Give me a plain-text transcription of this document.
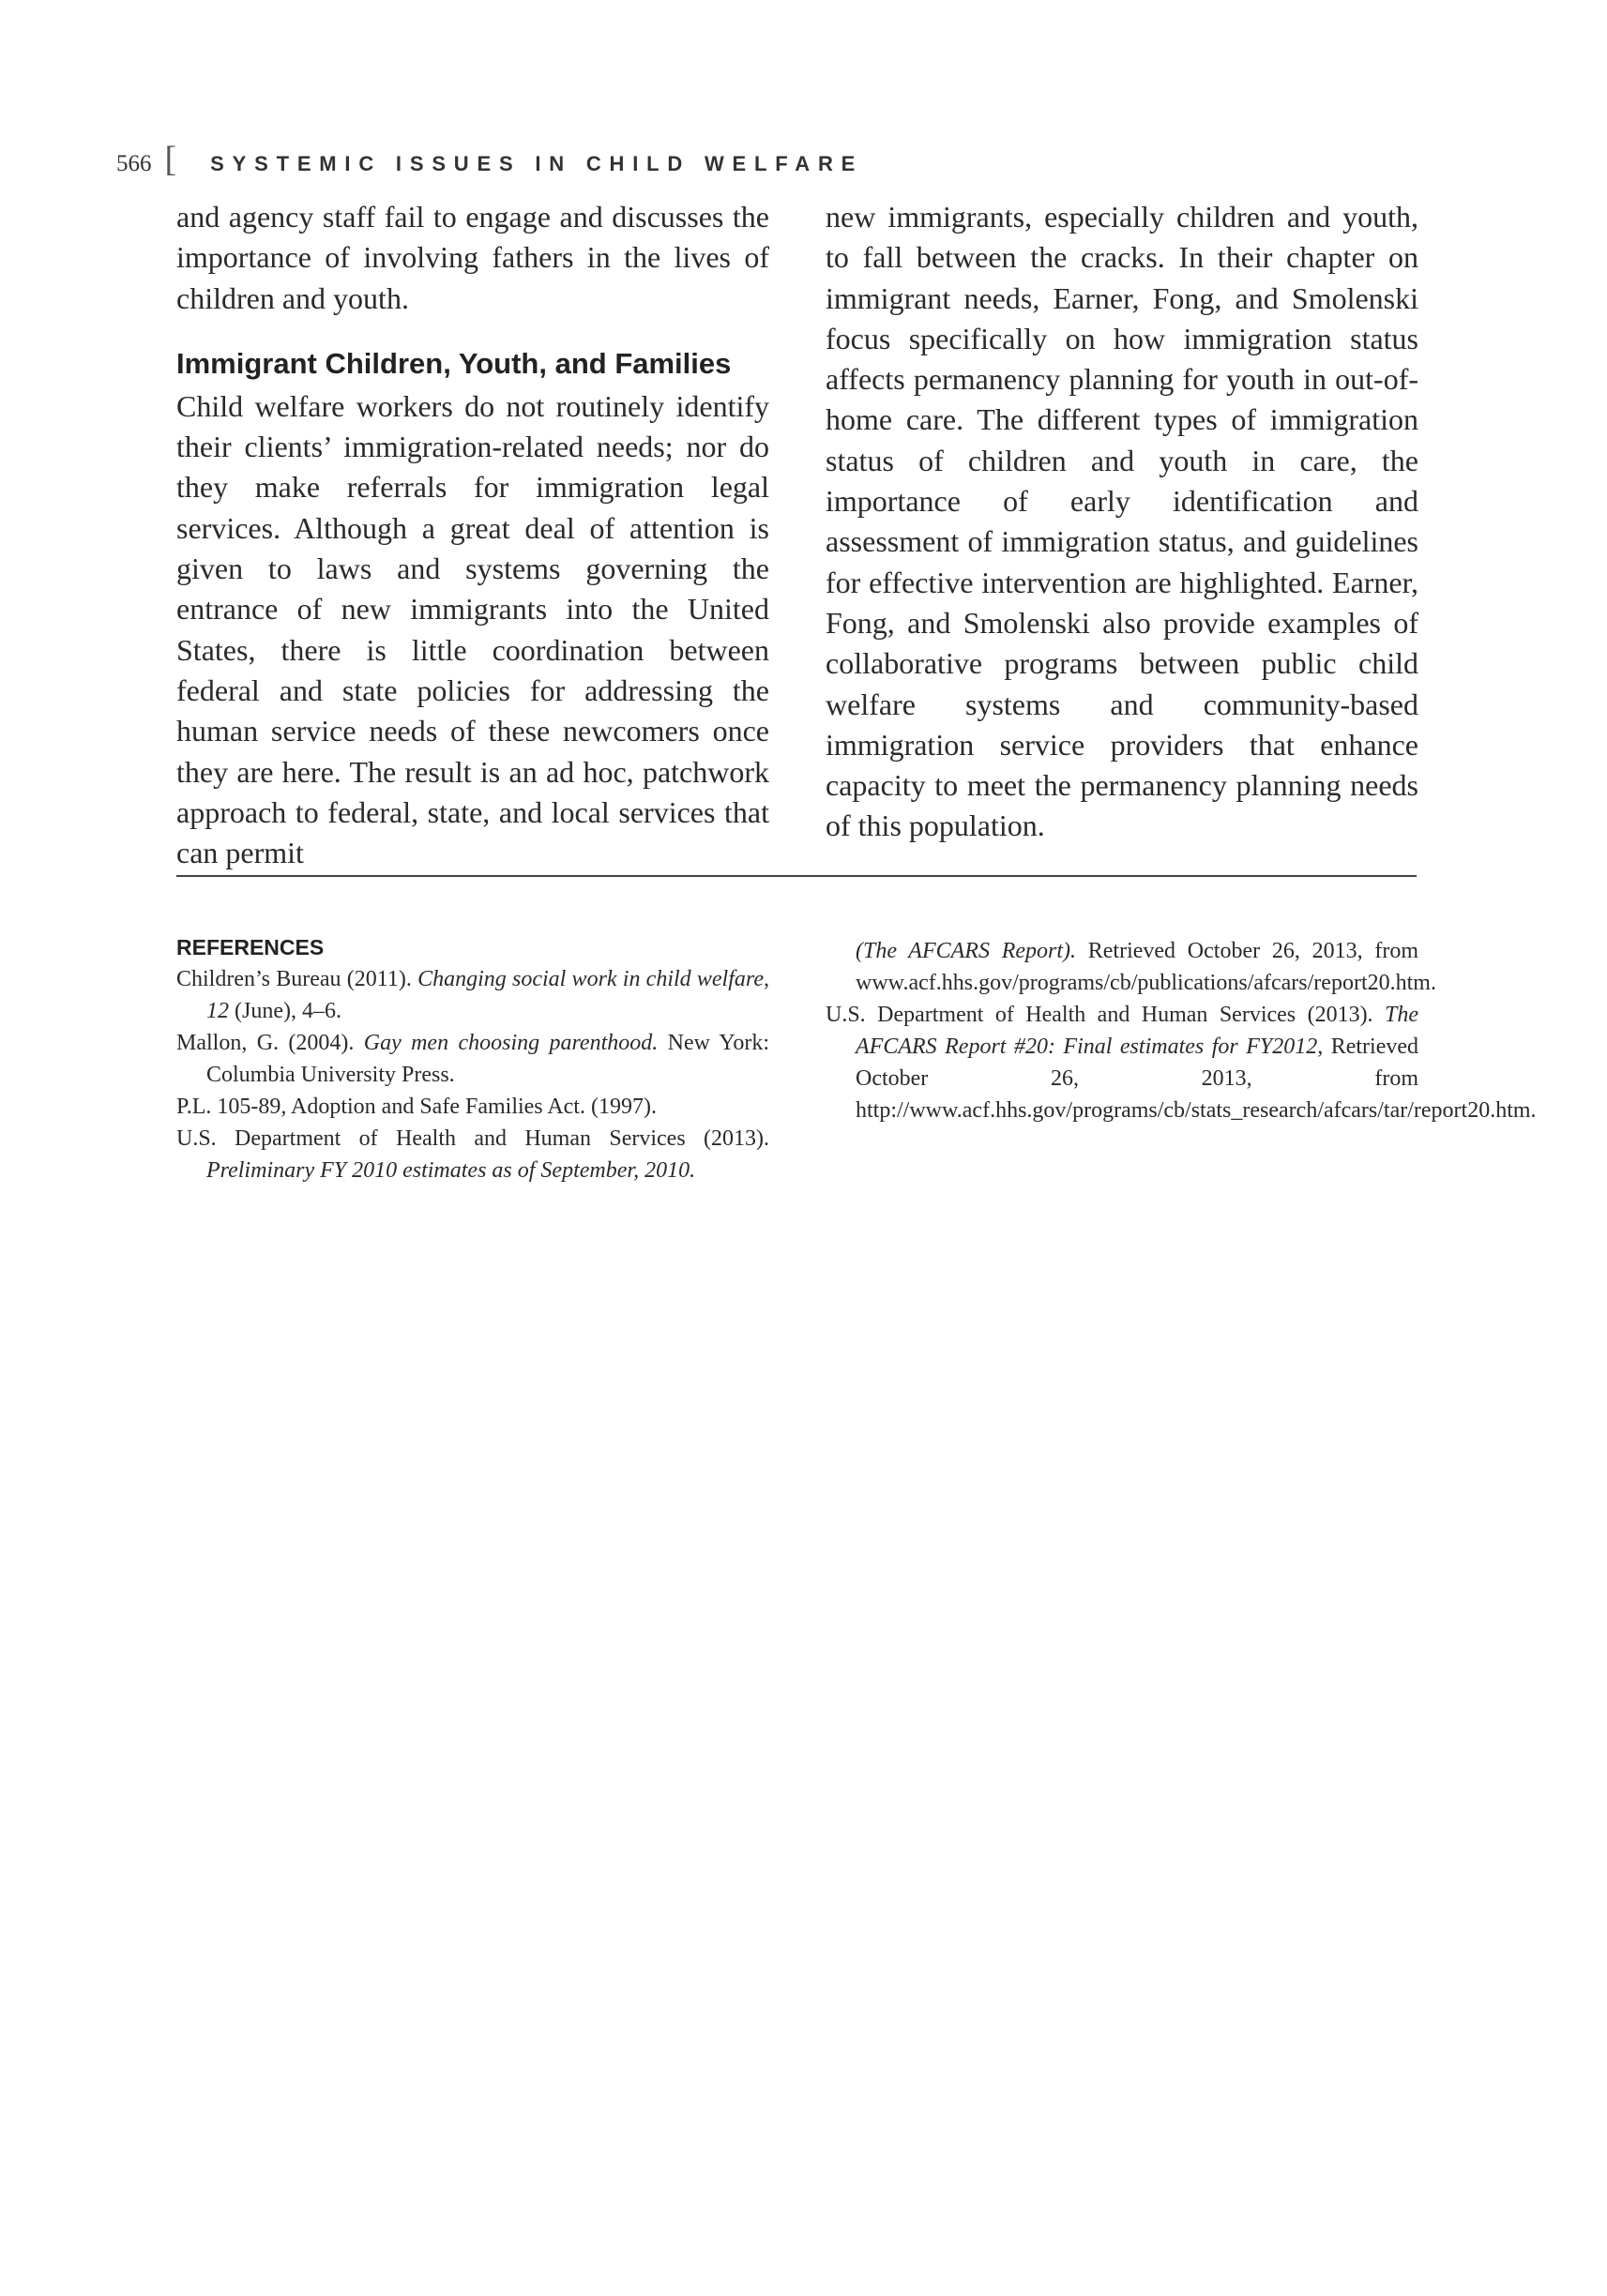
566 [ SYSTEMIC ISSUES IN CHILD WELFARE

and agency staff fail to engage and discusses the importance of involving fathers in the lives of children and youth.

Immigrant Children, Youth, and Families

Child welfare workers do not routinely identify their clients’ immigration-related needs; nor do they make referrals for immigration legal services. Although a great deal of attention is given to laws and systems governing the entrance of new immigrants into the United States, there is little coordination between federal and state policies for addressing the human service needs of these newcomers once they are here. The result is an ad hoc, patchwork approach to federal, state, and local services that can permit

new immigrants, especially children and youth, to fall between the cracks. In their chapter on immigrant needs, Earner, Fong, and Smolenski focus specifically on how immigration status affects permanency planning for youth in out-of-home care. The different types of immigration status of children and youth in care, the importance of early identification and assessment of immigration status, and guidelines for effective intervention are highlighted. Earner, Fong, and Smolenski also provide examples of collaborative programs between public child welfare systems and community-based immigration service providers that enhance capacity to meet the permanency planning needs of this population.

REFERENCES

Children’s Bureau (2011). Changing social work in child welfare, 12 (June), 4–6.

Mallon, G. (2004). Gay men choosing parenthood. New York: Columbia University Press.

P.L. 105-89, Adoption and Safe Families Act. (1997).

U.S. Department of Health and Human Services (2013). Preliminary FY 2010 estimates as of September, 2010.

(The AFCARS Report). Retrieved October 26, 2013, from www.acf.hhs.gov/programs/cb/publications/afcars/report20.htm.

U.S. Department of Health and Human Services (2013). The AFCARS Report #20: Final estimates for FY2012, Retrieved October 26, 2013, from http://www.acf.hhs.gov/programs/cb/stats_research/afcars/tar/report20.htm.
